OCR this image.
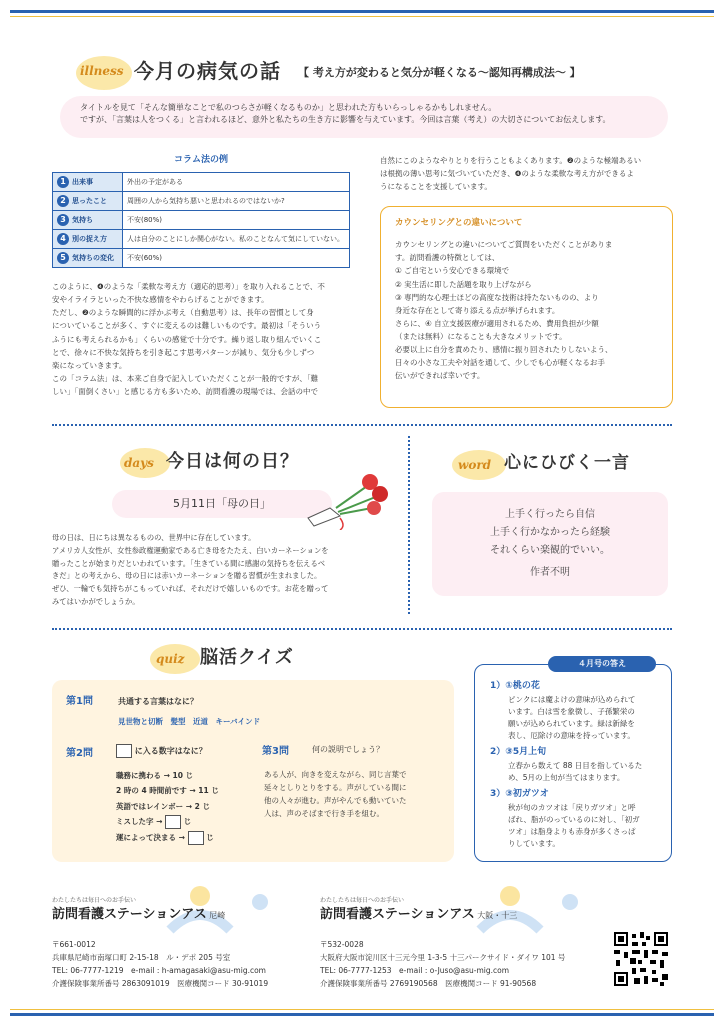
illness 今月の病気の話 【 考え方が変わると気分が軽くなる〜認知再構成法〜 】
タイトルを見て「そんな簡単なことで私のつらさが軽くなるものか」と思われた方もいらっしゃるかもしれません。
ですが、「言葉は人をつくる」と言われるほど、意外と私たちの生き方に影響を与えています。今回は言葉（考え）の大切さについてお伝えします。
コラム法の例
1 出来事	外出の予定がある
2 思ったこと	周囲の人から気持ち悪いと思われるのではないか?
3 気持ち	不安(80%)
4 別の捉え方	人は自分のことにしか関心がない。私のことなんて気にしていない。
5 気持ちの変化	不安(60%)
このように、❹のような「柔軟な考え方（適応的思考）」を取り入れることで、不
安やイライラといった不快な感情をやわらげることができます。
ただし、❷のような瞬間的に浮かぶ考え（自動思考）は、長年の習慣として身
についていることが多く、すぐに変えるのは難しいものです。最初は「そういう
ふうにも考えられるかも」くらいの感覚で十分です。繰り返し取り組んでいくこ
とで、徐々に不快な気持ちを引き起こす思考パターンが減り、気分も少しずつ
楽になっていきます。
この「コラム法」は、本来ご自身で記入していただくことが一般的ですが、「難
しい」「面倒くさい」と感じる方も多いため、訪問看護の現場では、会話の中で
自然にこのようなやりとりを行うこともよくあります。❷のような極端あるい
は根拠の薄い思考に気づいていただき、❹のような柔軟な考え方ができるよ
うになることを支援しています。
カウンセリングとの違いについて
カウンセリングとの違いについてご質問をいただくことがありま
す。訪問看護の特徴としては、
① ご自宅という安心できる環境で
② 実生活に即した話題を取り上げながら
③ 専門的な心理士ほどの高度な技術は持たないものの、より
身近な存在として寄り添える点が挙げられます。
さらに、④ 自立支援医療が適用されるため、費用負担が少額
（または無料）になることも大きなメリットです。
必要以上に自分を責めたり、感情に振り回されたりしないよう、
日々の小さな工夫や対話を通して、少しでも心が軽くなるお手
伝いができれば幸いです。
days 今日は何の日？
5月11日「母の日」
母の日は、日にちは異なるものの、世界中に存在しています。
アメリカ人女性が、女性参政権運動家である亡き母をたたえ、白いカーネーションを
贈ったことが始まりだといわれています。「生きている間に感謝の気持ちを伝えるべ
きだ」との考えから、母の日には赤いカーネーションを贈る習慣が生まれました。
ぜひ、一輪でも気持ちがこもっていれば、それだけで嬉しいものです。お花を贈って
みてはいかがでしょうか。
word 心にひびく一言
上手く行ったら自信
上手く行かなかったら経験
それくらい楽観的でいい。
作者不明
quiz 脳活クイズ
第1問	共通する言葉はなに？
見世物と切断　髪型　近道　キーバインド
第2問	に入る数字はなに？
職務に携わる → 10 じ
2 時の 4 時間前です → 11 じ
英語ではレインボー → 2 じ
ミスした字 →	じ
運によって決まる →	じ
第3問	何の説明でしょう？
ある人が、向きを変えながら、同じ言葉で
延々としりとりをする。声がしている間に
他の人々が進む。声がやんでも動いていた
人は、声のそばまで行き手を組む。
４月号の答え
1）①桃の花
ピンクには魔よけの意味が込められて
います。白は雪を象徴し、子孫繁栄の
願いが込められています。緑は新緑を
表し、厄除けの意味を持っています。
2）③5月上旬
立春から数えて 88 日目を指しているた
め、5月の上旬が当てはまります。
3）③初ガツオ
秋が旬のカツオは「戻りガツオ」と呼
ばれ、脂がのっているのに対し、「初ガ
ツオ」は脂身よりも赤身が多くさっぱ
りしています。
わたしたちは毎日へのお手伝い
訪問看護ステーションアス 尼崎
〒661-0012
兵庫県尼崎市南塚口町 2-15-18　ル・デポ 205 号室
TEL: 06-7777-1219　e-mail : h-amagasaki@asu-mig.com
介護保険事業所番号 2863091019　医療機関コード 30-91019
わたしたちは毎日へのお手伝い
訪問看護ステーションアス 大阪・十三
〒532-0028
大阪府大阪市淀川区十三元今里 1-3-5 十三パークサイド・ダイワ 101 号
TEL: 06-7777-1253　e-mail : o-Juso@asu-mig.com
介護保険事業所番号 2769190568　医療機関コード 91-90568
